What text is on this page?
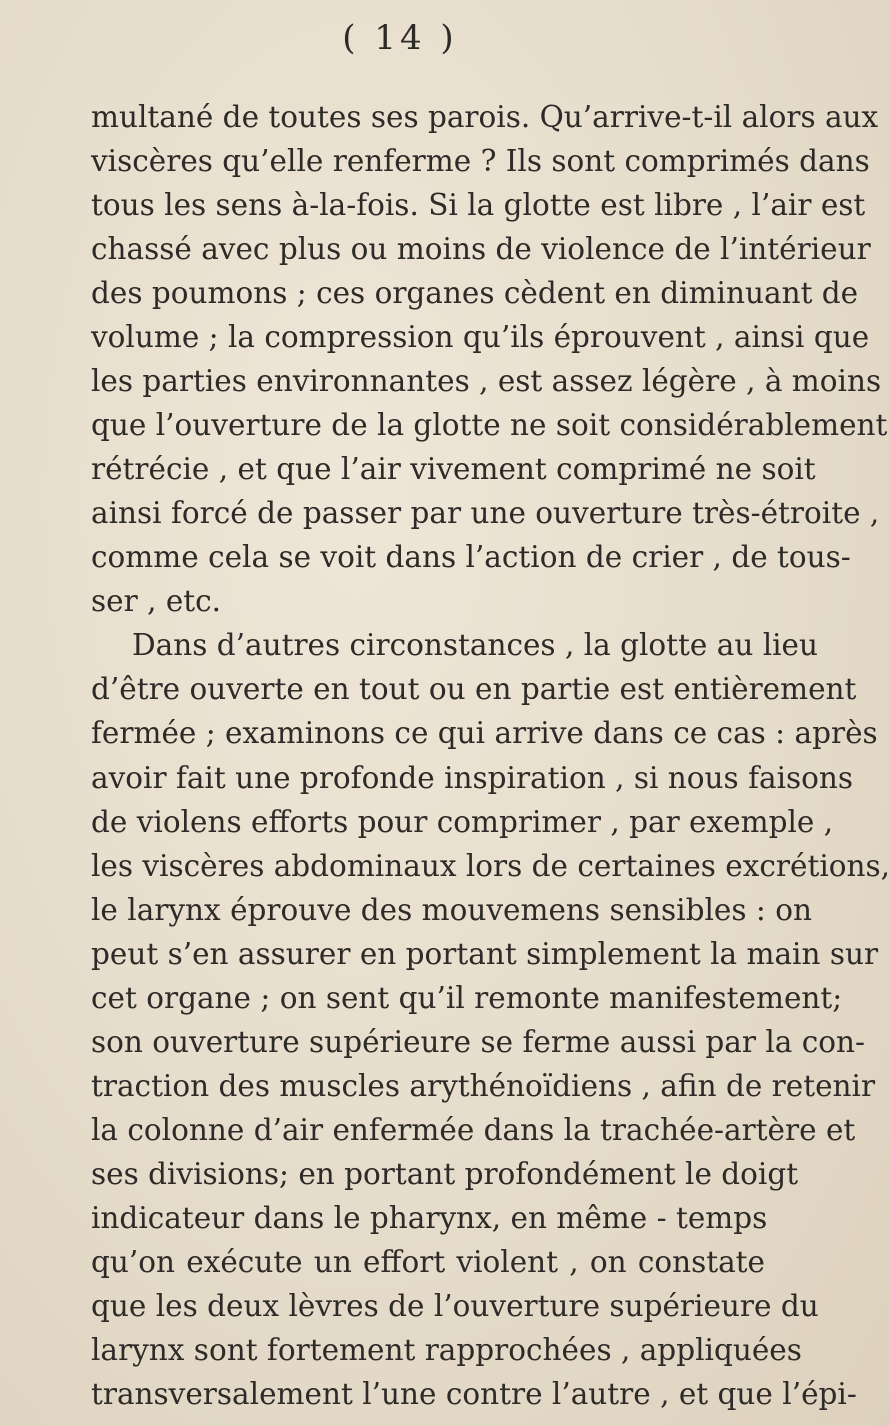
( 14 )
multané de toutes ses parois. Qu’arrive-t-il alors aux
viscères qu’elle renferme ? Ils sont comprimés dans
tous les sens à-la-fois. Si la glotte est libre , l’air est
chassé avec plus ou moins de violence de l’intérieur
des poumons ; ces organes cèdent en diminuant de
volume ; la compression qu’ils éprouvent , ainsi que
les parties environnantes , est assez légère , à moins
que l’ouverture de la glotte ne soit considérablement
rétrécie , et que l’air vivement comprimé ne soit
ainsi forcé de passer par une ouverture très-étroite ,
comme cela se voit dans l’action de crier , de tous-
ser , etc.
Dans d’autres circonstances , la glotte au lieu
d’être ouverte en tout ou en partie est entièrement
fermée ; examinons ce qui arrive dans ce cas : après
avoir fait une profonde inspiration , si nous faisons
de violens efforts pour comprimer , par exemple ,
les viscères abdominaux lors de certaines excrétions,
le larynx éprouve des mouvemens sensibles : on
peut s’en assurer en portant simplement la main sur
cet organe ; on sent qu’il remonte manifestement;
son ouverture supérieure se ferme aussi par la con-
traction des muscles arythénoïdiens , afin de retenir
la colonne d’air enfermée dans la trachée-artère et
ses divisions; en portant profondément le doigt
indicateur dans le pharynx, en même - temps
qu’on exécute un effort violent , on constate
que les deux lèvres de l’ouverture supérieure du
larynx sont fortement rapprochées , appliquées
transversalement l’une contre l’autre , et que l’épi-
